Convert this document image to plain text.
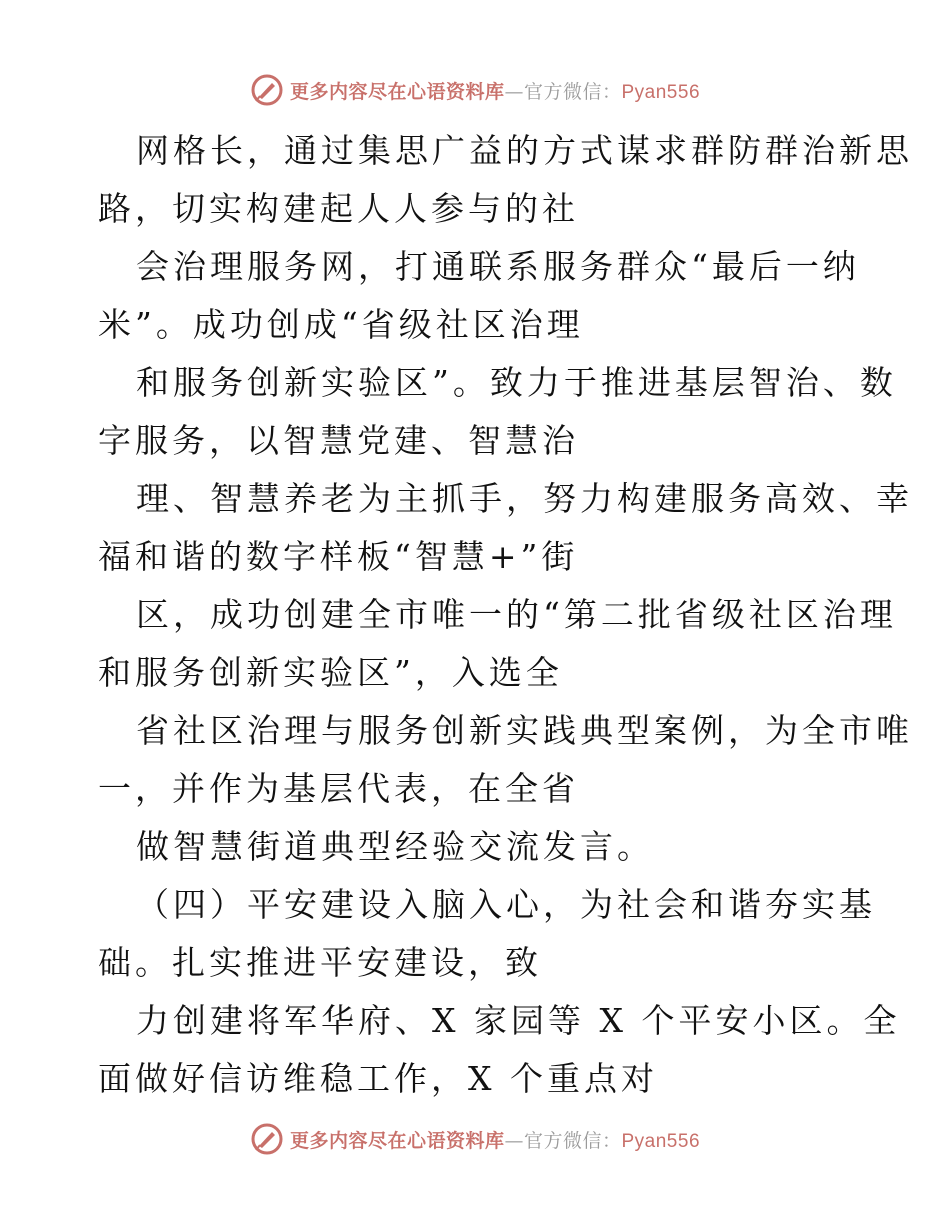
更多内容尽在心语资料库—官方微信：Pyan556
网格长，通过集思广益的方式谋求群防群治新思
路，切实构建起人人参与的社
会治理服务网，打通联系服务群众“最后一纳
米”。成功创成“省级社区治理
和服务创新实验区”。致力于推进基层智治、数
字服务，以智慧党建、智慧治
理、智慧养老为主抓手，努力构建服务高效、幸
福和谐的数字样板“智慧+”街
区，成功创建全市唯一的“第二批省级社区治理
和服务创新实验区”，入选全
省社区治理与服务创新实践典型案例，为全市唯
一，并作为基层代表，在全省
做智慧街道典型经验交流发言。
（四）平安建设入脑入心，为社会和谐夯实基
础。扎实推进平安建设，致
力创建将军华府、X 家园等 X 个平安小区。全
面做好信访维稳工作，X 个重点对
更多内容尽在心语资料库—官方微信：Pyan556
